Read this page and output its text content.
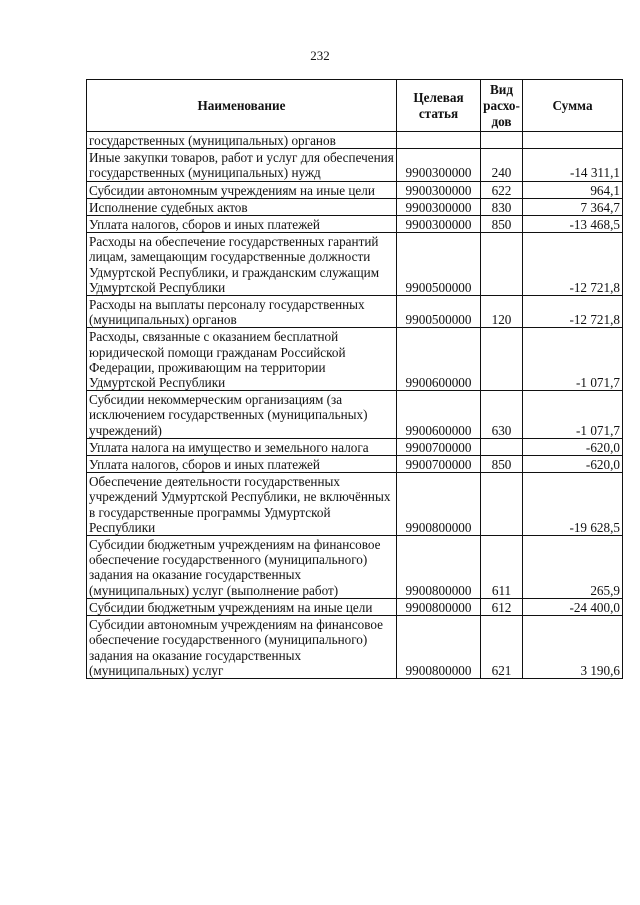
232
Наименование	Целевая статья	Вид расхо-дов	Сумма
государственных (муниципальных) органов			
Иные закупки товаров, работ и услуг для обеспечения государственных (муниципальных) нужд	9900300000	240	-14 311,1
Субсидии автономным учреждениям на иные цели	9900300000	622	964,1
Исполнение судебных актов	9900300000	830	7 364,7
Уплата налогов, сборов и иных платежей	9900300000	850	-13 468,5
Расходы на обеспечение государственных гарантий лицам, замещающим государственные должности Удмуртской Республики, и гражданским служащим Удмуртской Республики	9900500000		-12 721,8
Расходы на выплаты персоналу государственных (муниципальных) органов	9900500000	120	-12 721,8
Расходы, связанные с оказанием бесплатной юридической помощи гражданам Российской Федерации, проживающим на территории Удмуртской Республики	9900600000		-1 071,7
Субсидии некоммерческим организациям (за исключением государственных (муниципальных) учреждений)	9900600000	630	-1 071,7
Уплата налога на имущество и земельного налога	9900700000		-620,0
Уплата налогов, сборов и иных платежей	9900700000	850	-620,0
Обеспечение деятельности государственных учреждений Удмуртской Республики, не включённых в государственные программы Удмуртской Республики	9900800000		-19 628,5
Субсидии бюджетным учреждениям на финансовое обеспечение государственного (муниципального) задания на оказание государственных (муниципальных) услуг (выполнение работ)	9900800000	611	265,9
Субсидии бюджетным учреждениям на иные цели	9900800000	612	-24 400,0
Субсидии автономным учреждениям на финансовое обеспечение государственного (муниципального) задания на оказание государственных (муниципальных) услуг	9900800000	621	3 190,6
